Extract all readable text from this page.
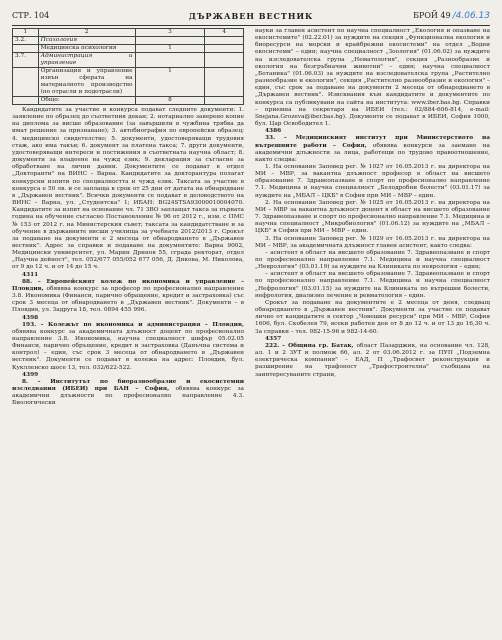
СТР. 104	ДЪРЖАВЕН ВЕСТНИК	БРОЙ 49 /4.06.13
1	2	3	4
3.2.	Психология		
	Медицинска психология	1	
3.7.	Администрация и управление		
	Организация и управление извън сферата на материалното производство (по отрасли и подотрасли)	1	
	Общо:	8	

Кандидатите за участие в конкурса подават следните документи: 1. заявление по образец до съответния декан; 2. нотариално заверено копие на диплома за висше образование (за завършили в чужбина трябва да имат решение за признаване); 3. автобиография по европейски образец; 4. медицинско свидетелство; 5. документи, удостоверяващи трудовия стаж, ако има такъв; 6. документ за платена такса; 7. други документи, удостоверяващи интереси и постижения в съответната научна област; 8. документи за владеене на чужд език; 9. декларация за съгласие за обработване на лични данни. Документите се подават в отдел „Докторанти" на ВИНС – Варна. Кандидатите за докторантура полагат конкурсни изпити по специалността и чужд език. Таксата за участие в конкурса е 50 лв. и се заплаща в срок от 25 дни от датата на обнародване в „Държавен вестник". Всички документи се подават в деловодството на ВИНС – Варна, ул. „Студентска" 1; ИБАН: BG24STSA93000010004070. Кандидатите за изпит на основание чл. 71 ЗВО заплащат такса за първата година на обучение съгласно Постановление № 96 от 2012 г., изм. с ПМС № 153 от 2012 г. на Министерския съвет; таксата за кандидатстване и за обучение в държавните висши училища за учебната 2012/2013 г. Срокът за подаване на документи е 2 месеца от обнародването в „Държавен вестник". Адрес за справки и подаване на документите: Варна 9002, Медицински университет, ул. Марин Дринов 55, сграда ректорат, отдел „Научна дейност", тел. 052/677 055/052 677 056, Д. Дикова, М. Николова, от 9 до 12 ч. и от 14 до 15 ч.

4311

88. – Европейският колеж по икономика и управление – Пловдив, обявява конкурс за професор по професионално направление 3.8. Икономика (Финанси, парично обращение, кредит и застраховка) със срок 3 месеца от обнародването в „Държавен вестник". Документи – в Пловдив, ул. Задруга 18, тел. 0894 455 996.

4398

193. – Колежът по икономика и администрация – Пловдив, обявява конкурс за академичната длъжност доцент по професионално направление 3.8. Икономика, научна специалност шифър 05.02.05 Финанси, парично обръщение, кредит и застраховка (Данъчна система и контрол) – един, със срок 3 месеца от обнародването в „Държавен вестник". Документи се подават в колежа на адрес: Пловдив, бул. Куклленско шосе 13, тел. 032/622-522.

4399

8. – Институтът по биоразнообразие и екосистемни изследвания (ИБЕИ) при БАН – София, обявява конкурс за академични длъжности по професионално направление 4.3. Биологически

науки за главен асистент по научна специалност „Екология и опазване на екосистемите" (02.22.01) за нуждите на секция „Функционална екология и биоресурси на морски и крайбрежни екосистеми" на отдел „Водни екосистеми" – един; научна специалност „Зоология" (01.06.02) за нуждите на изследователска група „Нематология", секция „Разнообразие и екология на безгръбначни животни" – един; научна специалност „Ботаника" (01.06.03) за нуждите на изследователска група „Растително разнообразие и екология", секция „Растително разнообразие и екология" – един, със срок за подаване на документи 2 месеца от обнародването в „Държавен вестник". Изисквания към кандидатите и документите по конкурса са публикувани на сайта на института: www.iber.bas.bg. Справки – приемна на секретаря на ИБЕИ (тел.: 02/884-606-814, e-mail: Snejana.Grozeva@iber.bas.bg). Документи се подават в ИБЕИ, София 1000, бул. Цар Освободител 1.

4386

33. – Медицинският институт при Министерството на вътрешните работи – София, обявява конкурси за заемане на академични длъжности за лица, работещи по трудово правоотношение, както следва:

1. На основание Заповед рег. № 1027 от 16.05.2013 г. на директора на МИ – МВР, за вакантна длъжност професор в област на висшето образование 7. Здравеопазване и спорт по професионално направление 7.1. Медицина и научна специалност „Белодробни болести" (03.01.17) за нуждите на „МБАЛ – ЦКБ" в София при МИ – МВР – един.

2. На основание Заповед рег. № 1025 от 16.05.2013 г. на директора на МИ – МВР за вакантна длъжност доцент в област на висшето образование 7. Здравеопазване и спорт по професионално направление 7.1. Медицина и научна специалност „Микробиология" (01.06.12) за нуждите на „МБАЛ – ЦКБ" в София при МИ – МВР – един.

3. На основание Заповед рег. № 1029 от 16.05.2013 г. на директора на МИ – МВР, за академичната длъжност главен асистент, както следва:

– асистент в област на висшето образование 7. Здравеопазване и спорт по професионално направление 7.1. Медицина и научна специалност „Неврология" (03.01.19) за нуждите на Клиниката по неврология – един;

– асистент в област на висшето образование 7. Здравеопазване и спорт по професионално направление 7.1. Медицина и научна специалност „Нефрология" (03.01.15) за нуждите на Клиниката по вътрешни болести, нефрология, диализно лечение и ревматология – един.

Срокът за подаване на документите е 2 месеца от деня, следващ обнародването в „Държавен вестник". Документи за участие се подават лично от кандидатите в сектор „Човешки ресурси" при МИ – МВР, София 1606, бул. Скобелев 79, всеки работен ден от 8 до 12 ч. и от 13 до 16,30 ч. За справки – тел. 982-15-96 и 982-14-60.

4357

222. – Община гр. Батак, област Пазарджик, на основание чл. 128, ал. 1 и 2 ЗУТ и полмож 66, ал. 2 от 03.06.2012 г. за ПУП „Подземна електрическа компания" – ЕАД, П „Трафосвет реконструкция и разширение на трафопост „Трафостроителна" съобщава на заинтересуваните страни,
